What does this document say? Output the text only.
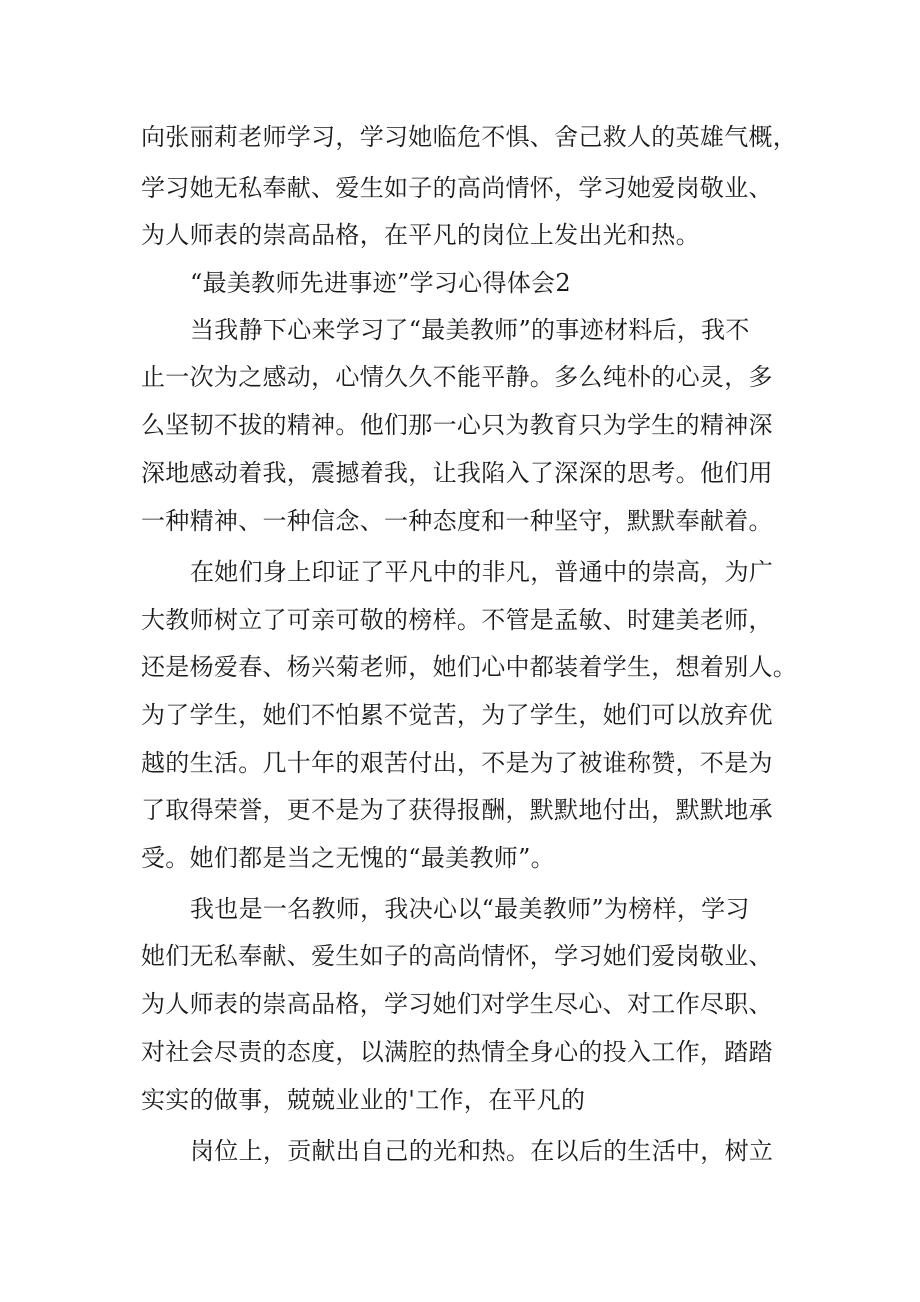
向张丽莉老师学习，学习她临危不惧、舍己救人的英雄气概，
学习她无私奉献、爱生如子的高尚情怀，学习她爱岗敬业、
为人师表的崇高品格，在平凡的岗位上发出光和热。
“最美教师先进事迹”学习心得体会2
当我静下心来学习了“最美教师”的事迹材料后，我不
止一次为之感动，心情久久不能平静。多么纯朴的心灵，多
么坚韧不拔的精神。他们那一心只为教育只为学生的精神深
深地感动着我，震撼着我，让我陷入了深深的思考。他们用
一种精神、一种信念、一种态度和一种坚守，默默奉献着。
在她们身上印证了平凡中的非凡，普通中的崇高，为广
大教师树立了可亲可敬的榜样。不管是孟敏、时建美老师，
还是杨爱春、杨兴菊老师，她们心中都装着学生，想着别人。
为了学生，她们不怕累不觉苦，为了学生，她们可以放弃优
越的生活。几十年的艰苦付出，不是为了被谁称赞，不是为
了取得荣誉，更不是为了获得报酬，默默地付出，默默地承
受。她们都是当之无愧的“最美教师”。
我也是一名教师，我决心以“最美教师”为榜样，学习
她们无私奉献、爱生如子的高尚情怀，学习她们爱岗敬业、
为人师表的崇高品格，学习她们对学生尽心、对工作尽职、
对社会尽责的态度，以满腔的热情全身心的投入工作，踏踏
实实的做事，兢兢业业的'工作，在平凡的
岗位上，贡献出自己的光和热。在以后的生活中，树立
